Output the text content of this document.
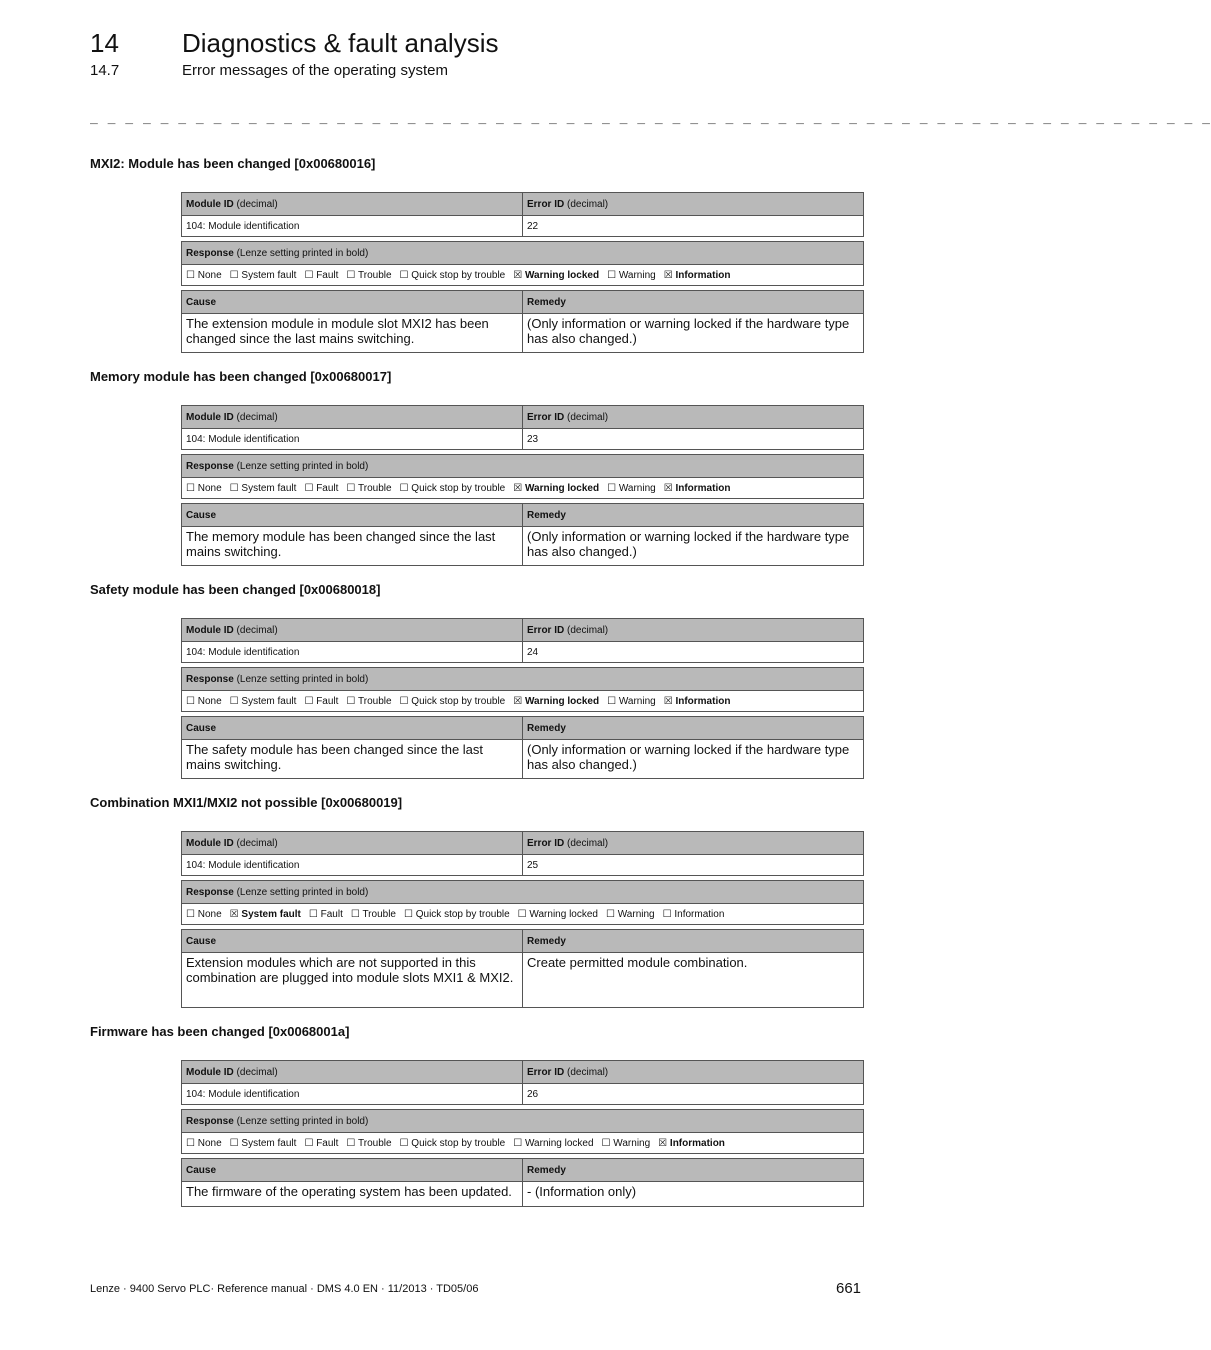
14 Diagnostics & fault analysis
14.7	Error messages of the operating system
_ _ _ _ _ _ _ _ _ _ _ _ _ _ _ _ _ _ _ _ _ _ _ _ _ _ _ _ _ _ _ _ _ _ _ _ _ _ _ _ _ _ _ _ _ _ _ _ _ _ _ _ _ _ _ _ _ _ _ _ _ _ _ _
MXI2: Module has been changed [0x00680016]
Module ID (decimal)	Error ID (decimal)
104: Module identification	22
Response (Lenze setting printed in bold)
☐ None ☐ System fault ☐ Fault ☐ Trouble ☐ Quick stop by trouble ☒ Warning locked ☐ Warning ☒ Information
Cause	Remedy
The extension module in module slot MXI2 has been changed since the last mains switching.	(Only information or warning locked if the hardware type has also changed.)
Memory module has been changed [0x00680017]
Module ID (decimal)	Error ID (decimal)
104: Module identification	23
Response (Lenze setting printed in bold)
☐ None ☐ System fault ☐ Fault ☐ Trouble ☐ Quick stop by trouble ☒ Warning locked ☐ Warning ☒ Information
Cause	Remedy
The memory module has been changed since the last mains switching.	(Only information or warning locked if the hardware type has also changed.)
Safety module has been changed [0x00680018]
Module ID (decimal)	Error ID (decimal)
104: Module identification	24
Response (Lenze setting printed in bold)
☐ None ☐ System fault ☐ Fault ☐ Trouble ☐ Quick stop by trouble ☒ Warning locked ☐ Warning ☒ Information
Cause	Remedy
The safety module has been changed since the last mains switching.	(Only information or warning locked if the hardware type has also changed.)
Combination MXI1/MXI2 not possible [0x00680019]
Module ID (decimal)	Error ID (decimal)
104: Module identification	25
Response (Lenze setting printed in bold)
☐ None ☒ System fault ☐ Fault ☐ Trouble ☐ Quick stop by trouble ☐ Warning locked ☐ Warning ☐ Information
Cause	Remedy
Extension modules which are not supported in this combination are plugged into module slots MXI1 & MXI2.	Create permitted module combination.
Firmware has been changed [0x0068001a]
Module ID (decimal)	Error ID (decimal)
104: Module identification	26
Response (Lenze setting printed in bold)
☐ None ☐ System fault ☐ Fault ☐ Trouble ☐ Quick stop by trouble ☐ Warning locked ☐ Warning ☒ Information
Cause	Remedy
The firmware of the operating system has been updated.	- (Information only)
Lenze · 9400 Servo PLC· Reference manual · DMS 4.0 EN · 11/2013 · TD05/06	661
